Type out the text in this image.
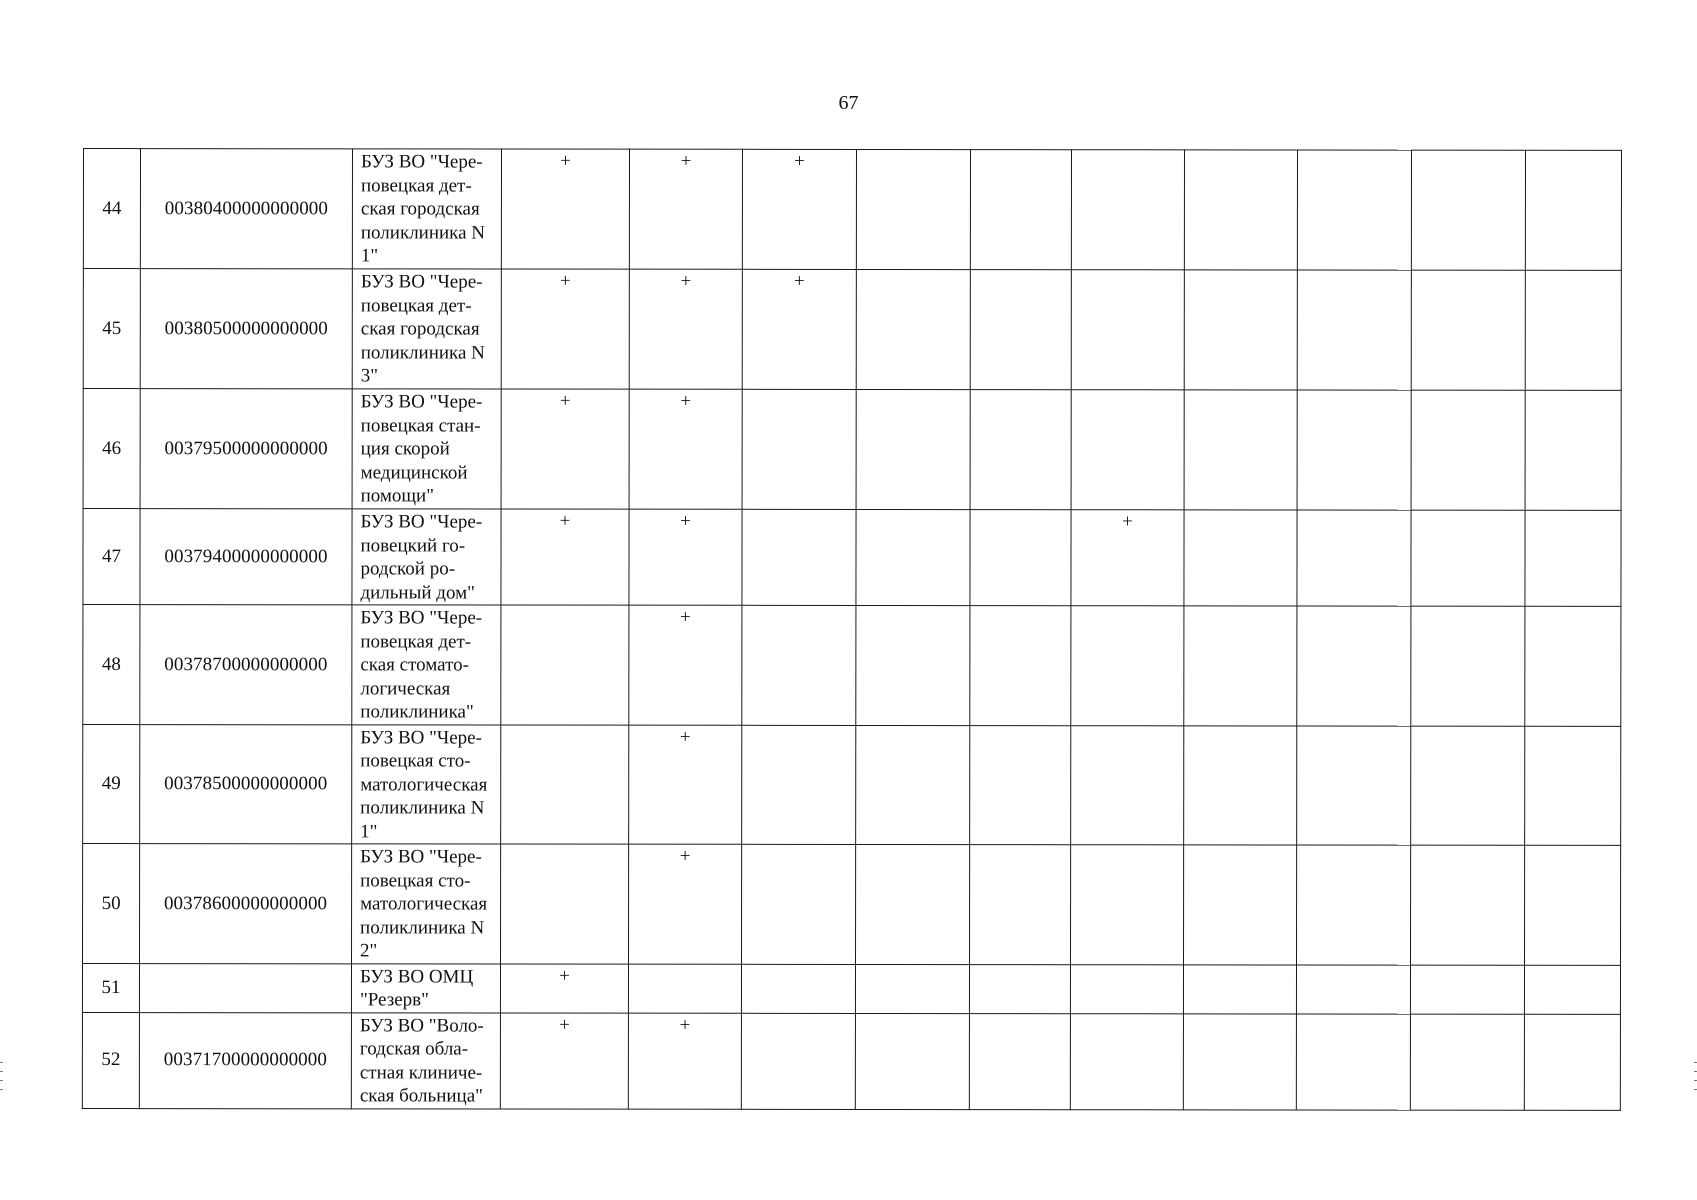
67
44	00380400000000000	БУЗ ВО "Чере-
повецкая дет-
ская городская
поликлиника N
1"	+	+	+							
45	00380500000000000	БУЗ ВО "Чере-
повецкая дет-
ская городская
поликлиника N
3"	+	+	+							
46	00379500000000000	БУЗ ВО "Чере-
повецкая стан-
ция скорой
медицинской
помощи"	+	+								
47	00379400000000000	БУЗ ВО "Чере-
повецкий го-
родской ро-
дильный дом"	+	+				+				
48	00378700000000000	БУЗ ВО "Чере-
повецкая дет-
ская стомато-
логическая
поликлиника"		+								
49	00378500000000000	БУЗ ВО "Чере-
повецкая сто-
матологическая
поликлиника N
1"		+								
50	00378600000000000	БУЗ ВО "Чере-
повецкая сто-
матологическая
поликлиника N
2"		+								
51		БУЗ ВО ОМЦ
"Резерв"	+									
52	00371700000000000	БУЗ ВО "Воло-
годская обла-
стная клиниче-
ская больница"	+	+								
